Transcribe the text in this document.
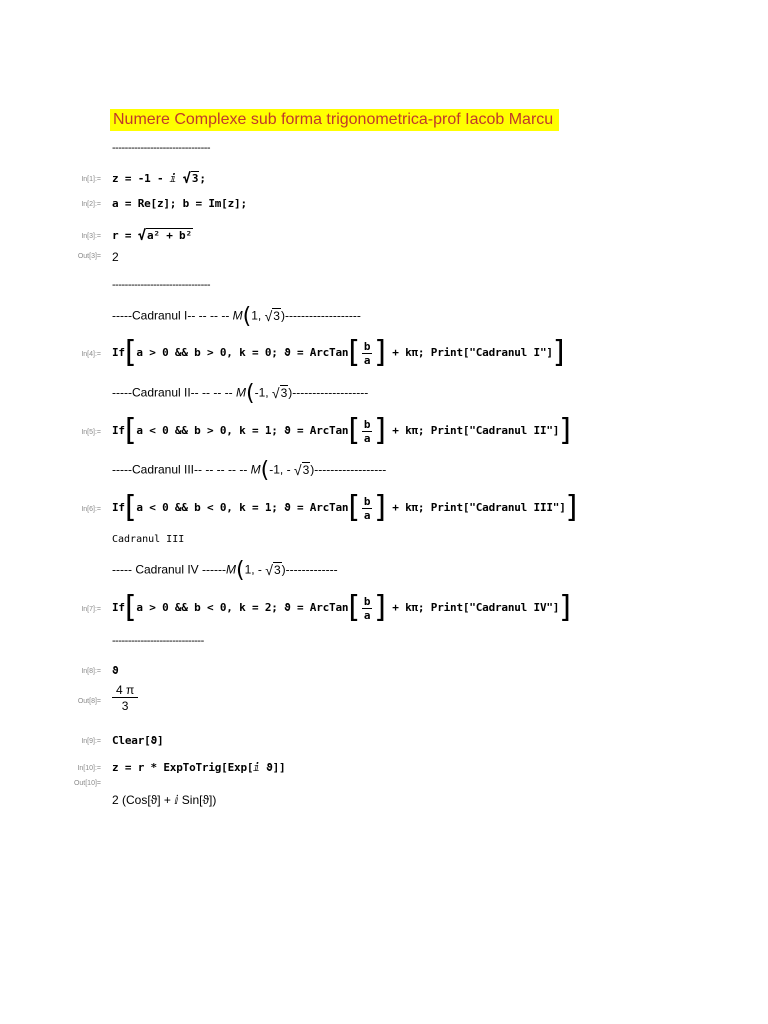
Numere Complexe sub forma trigonometrica-prof Iacob Marcu
-------------------------------
In[1]:= z = -1 - ⅈ √3;
In[2]:= a = Re[z]; b = Im[z];
In[3]:= r = √a² + b²
Out[3]= 2
-------------------------------
-----Cadranul I-- -- -- -- M(1, √3)-------------------
In[4]:= If[a > 0 && b > 0, k = 0; ϑ = ArcTan[ $\frac{b}{a}$ ] + kπ; Print["Cadranul I"]]
-----Cadranul II-- -- -- -- M(-1, √3)-------------------
In[5]:= If[a < 0 && b > 0, k = 1; ϑ = ArcTan[ $\frac{b}{a}$ ] + kπ; Print["Cadranul II"]]
-----Cadranul III-- -- -- -- -- M(-1, - √3)------------------
In[6]:= If[a < 0 && b < 0, k = 1; ϑ = ArcTan[ $\frac{b}{a}$ ] + kπ; Print["Cadranul III"]]
Cadranul III
----- Cadranul IV ------M(1, - √3)-------------
In[7]:= If[a > 0 && b < 0, k = 2; ϑ = ArcTan[ $\frac{b}{a}$ ] + kπ; Print["Cadranul IV"]]
-----------------------------
In[8]:= ϑ
$Out[8]= \frac{4 \pi}{3}$
In[9]:= Clear[ϑ]
In[10]:= z = r * ExpToTrig[Exp[ⅈ ϑ]]
Out[10]=
2 (Cos[ϑ] + ⅈ Sin[ϑ])
